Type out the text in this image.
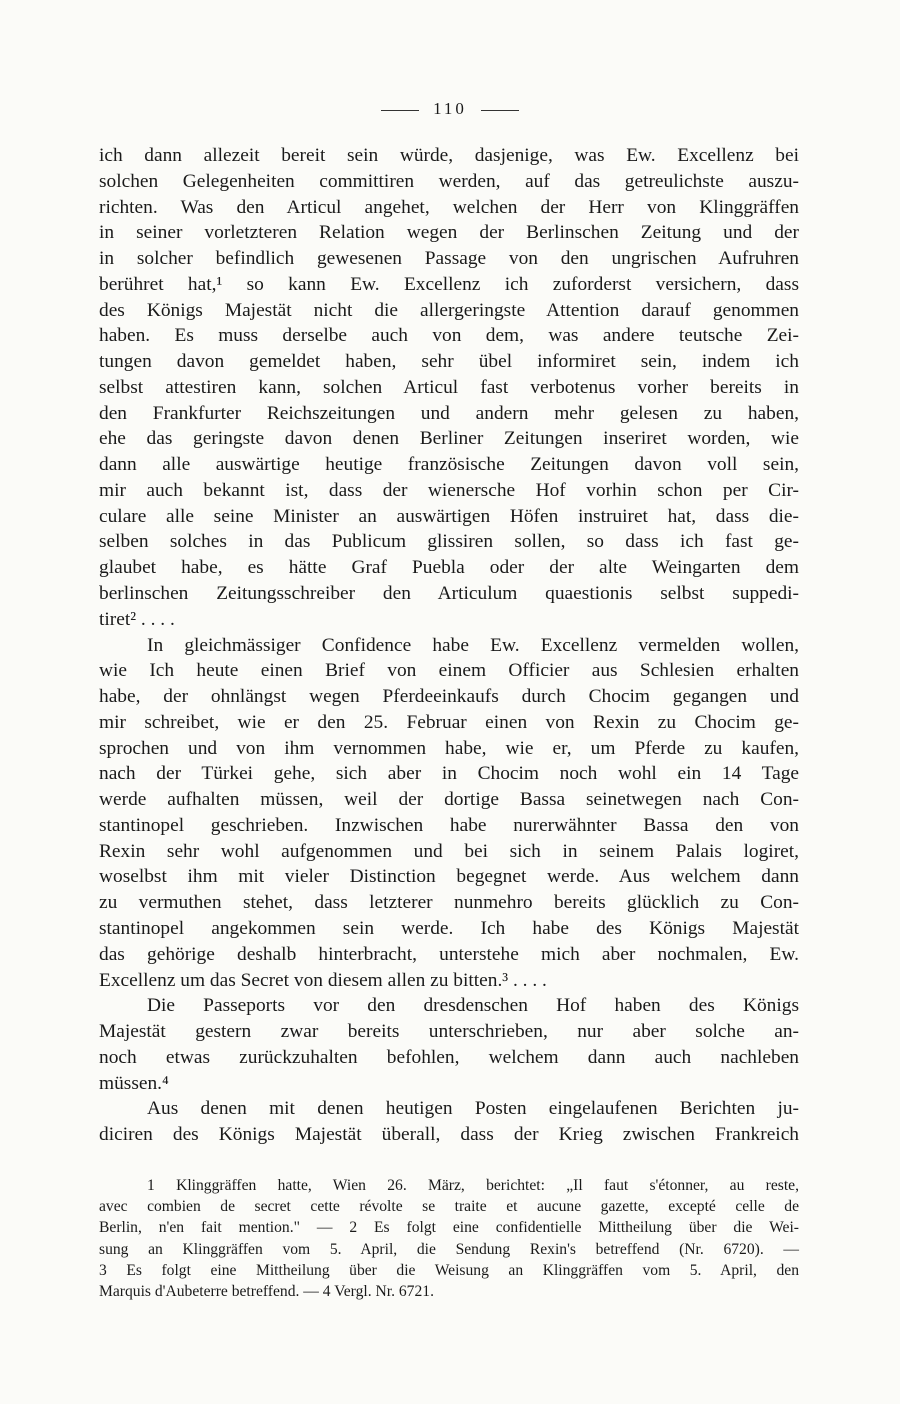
110
ich dann allezeit bereit sein würde, dasjenige, was Ew. Excellenz bei
solchen Gelegenheiten committiren werden, auf das getreulichste auszu-
richten. Was den Articul angehet, welchen der Herr von Klinggräffen
in seiner vorletzteren Relation wegen der Berlinschen Zeitung und der
in solcher befindlich gewesenen Passage von den ungrischen Aufruhren
berühret hat,¹ so kann Ew. Excellenz ich zuforderst versichern, dass
des Königs Majestät nicht die allergeringste Attention darauf genommen
haben. Es muss derselbe auch von dem, was andere teutsche Zei-
tungen davon gemeldet haben, sehr übel informiret sein, indem ich
selbst attestiren kann, solchen Articul fast verbotenus vorher bereits in
den Frankfurter Reichszeitungen und andern mehr gelesen zu haben,
ehe das geringste davon denen Berliner Zeitungen inseriret worden, wie
dann alle auswärtige heutige französische Zeitungen davon voll sein,
mir auch bekannt ist, dass der wienersche Hof vorhin schon per Cir-
culare alle seine Minister an auswärtigen Höfen instruiret hat, dass die-
selben solches in das Publicum glissiren sollen, so dass ich fast ge-
glaubet habe, es hätte Graf Puebla oder der alte Weingarten dem
berlinschen Zeitungsschreiber den Articulum quaestionis selbst suppedi-
tiret² . . . .
In gleichmässiger Confidence habe Ew. Excellenz vermelden wollen,
wie Ich heute einen Brief von einem Officier aus Schlesien erhalten
habe, der ohnlängst wegen Pferdeeinkaufs durch Chocim gegangen und
mir schreibet, wie er den 25. Februar einen von Rexin zu Chocim ge-
sprochen und von ihm vernommen habe, wie er, um Pferde zu kaufen,
nach der Türkei gehe, sich aber in Chocim noch wohl ein 14 Tage
werde aufhalten müssen, weil der dortige Bassa seinetwegen nach Con-
stantinopel geschrieben. Inzwischen habe nurerwähnter Bassa den von
Rexin sehr wohl aufgenommen und bei sich in seinem Palais logiret,
woselbst ihm mit vieler Distinction begegnet werde. Aus welchem dann
zu vermuthen stehet, dass letzterer nunmehro bereits glücklich zu Con-
stantinopel angekommen sein werde. Ich habe des Königs Majestät
das gehörige deshalb hinterbracht, unterstehe mich aber nochmalen, Ew.
Excellenz um das Secret von diesem allen zu bitten.³ . . . .
Die Passeports vor den dresdenschen Hof haben des Königs
Majestät gestern zwar bereits unterschrieben, nur aber solche an-
noch etwas zurückzuhalten befohlen, welchem dann auch nachleben
müssen.⁴
Aus denen mit denen heutigen Posten eingelaufenen Berichten ju-
diciren des Königs Majestät überall, dass der Krieg zwischen Frankreich
1 Klinggräffen hatte, Wien 26. März, berichtet: „Il faut s'étonner, au reste,
avec combien de secret cette révolte se traite et aucune gazette, excepté celle de
Berlin, n'en fait mention." — 2 Es folgt eine confidentielle Mittheilung über die Wei-
sung an Klinggräffen vom 5. April, die Sendung Rexin's betreffend (Nr. 6720). —
3 Es folgt eine Mittheilung über die Weisung an Klinggräffen vom 5. April, den
Marquis d'Aubeterre betreffend. — 4 Vergl. Nr. 6721.
